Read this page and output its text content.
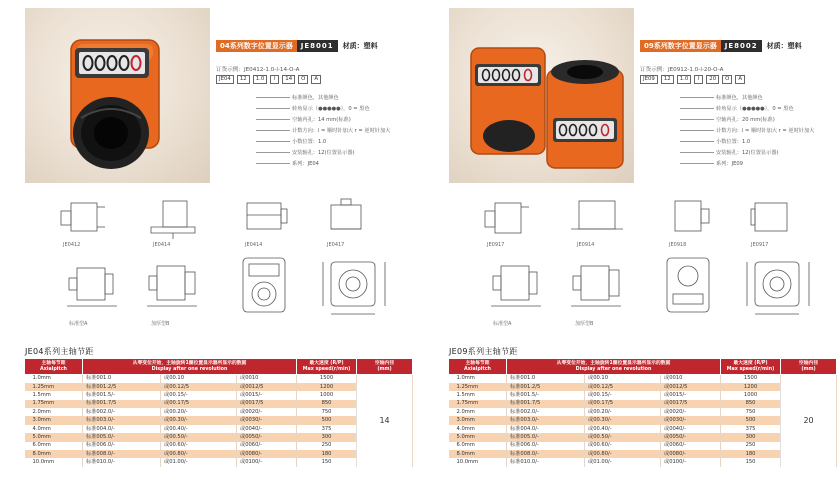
04系列数字位置显示器	JE8001	材质：塑料
订货示例：JE0412-1.0-l-14-O-A
JE04	12	1.0	l	14	O	A
标准颜色，其他颜色
转角显示（●●●●●），0 = 黑色
空轴内孔：14 mm(标准)
计数方向：l = 顺时针加大 r = 逆时针加大
小数位置：1.0
安装轴孔：12(位置显示器)
系列：JE04
JE0412	JE0414	JE0414	JE0417
标准型A	加厚型B
JE04系列主轴节距
主轴每节距
Axialpitch	从零变位开始，主轴旋转1圈位置显示器所显示的数据
Display after one revolution			最大速度 (R/P)
Max speed(r/min)	空轴内径
(mm)
1.0mm	标准001.0	或00.10	或0010	1500	14
1.25mm	标准001.2/5	或00.12/5	或0012/5	1200	
1.5mm	标准001.5/-	或00.15/-	或0015/-	1000	
1.75mm	标准001.7/5	或00.17/5	或0017/5	850	
2.0mm	标准002.0/-	或00.20/-	或0020/-	750	
3.0mm	标准003.0/-	或00.30/-	或0030/-	500	
4.0mm	标准004.0/-	或00.40/-	或0040/-	375	
5.0mm	标准005.0/-	或00.50/-	或0050/-	300	
6.0mm	标准006.0/-	或00.60/-	或0060/-	250	
8.0mm	标准008.0/-	或00.80/-	或0080/-	180	
10.0mm	标准010.0/-	或01.00/-	或0100/-	150	
09系列数字位置显示器	JE8002	材质：塑料
订货示例：JE0912-1.0-l-20-O-A
JE09	12	1.0	l	20	O	A
标准颜色，其他颜色
转角显示（●●●●●），0 = 黑色
空轴内孔：20 mm(标准)
计数方向：l = 顺时针加大 r = 逆时针加大
小数位置：1.0
安装轴孔：12(位置显示器)
系列：JE09
JE0917	JE0914	JE0918	JE0917
标准型A	加厚型B
JE09系列主轴节距
主轴每节距
Axialpitch	从零变位开始，主轴旋转1圈位置显示器所显示的数据
Display after one revolution			最大速度 (R/P)
Max speed(r/min)	空轴内径
(mm)
1.0mm	标准001.0	或00.10	或0010	1500	20
1.25mm	标准001.2/5	或00.12/5	或0012/5	1200	
1.5mm	标准001.5/-	或00.15/-	或0015/-	1000	
1.75mm	标准001.7/5	或00.17/5	或0017/5	850	
2.0mm	标准002.0/-	或00.20/-	或0020/-	750	
3.0mm	标准003.0/-	或00.30/-	或0030/-	500	
4.0mm	标准004.0/-	或00.40/-	或0040/-	375	
5.0mm	标准005.0/-	或00.50/-	或0050/-	300	
6.0mm	标准006.0/-	或00.60/-	或0060/-	250	
8.0mm	标准008.0/-	或00.80/-	或0080/-	180	
10.0mm	标准010.0/-	或01.00/-	或0100/-	150	
